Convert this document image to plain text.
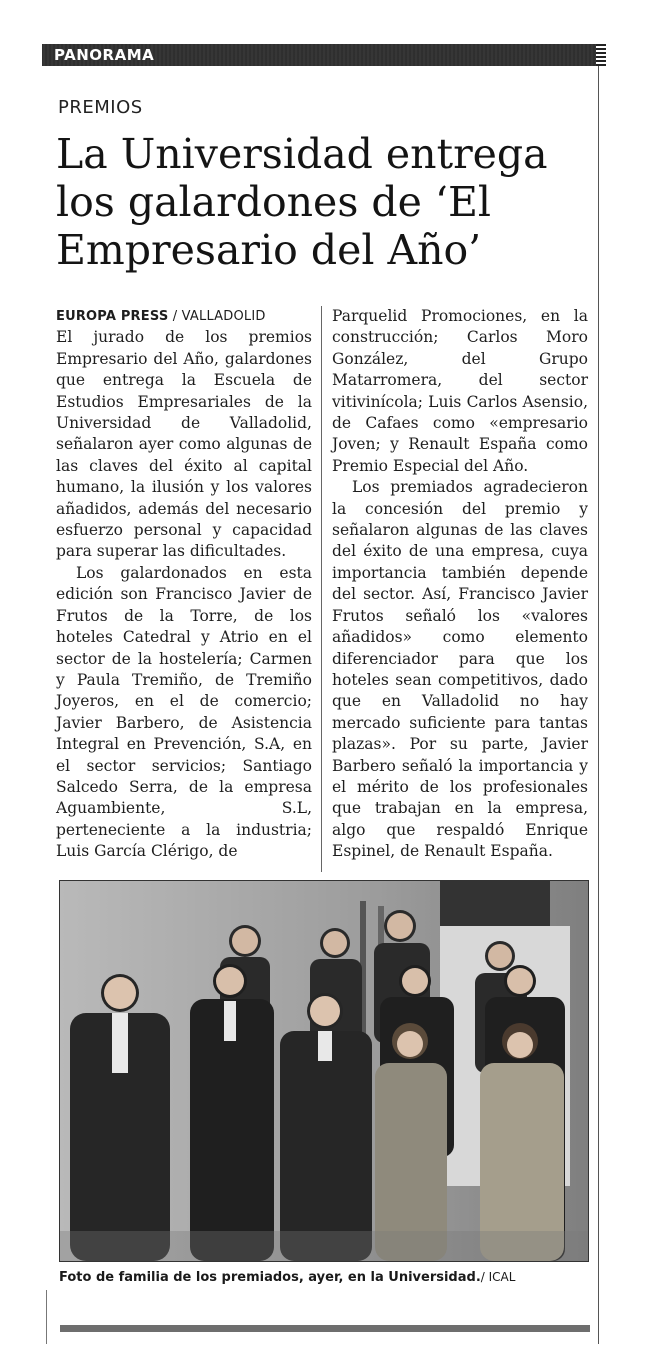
PANORAMA
PREMIOS
La Universidad entrega
los galardones de ‘El
Empresario del Año’
EUROPA PRESS / VALLADOLID

El jurado de los premios Empresario del Año, galardones que entrega la Escuela de Estudios Empresariales de la Universidad de Valladolid, señalaron ayer como algunas de las claves del éxito al capital humano, la ilusión y los valores añadidos, además del necesario esfuerzo personal y capacidad para superar las dificultades.

Los galardonados en esta edición son Francisco Javier de Frutos de la Torre, de los hoteles Catedral y Atrio en el sector de la hostelería; Carmen y Paula Tremiño, de Tremiño Joyeros, en el de comercio; Javier Barbero, de Asistencia Integral en Prevención, S.A, en el sector servicios; Santiago Salcedo Serra, de la empresa Aguambiente, S.L, perteneciente a la industria; Luis García Clérigo, de

Parquelid Promociones, en la construcción; Carlos Moro González, del Grupo Matarromera, del sector vitivinícola; Luis Carlos Asensio, de Cafaes como «empresario Joven; y Renault España como Premio Especial del Año.

Los premiados agradecieron la concesión del premio y señalaron algunas de las claves del éxito de una empresa, cuya importancia también depende del sector. Así, Francisco Javier Frutos señaló los «valores añadidos» como elemento diferenciador para que los hoteles sean competitivos, dado que en Valladolid no hay mercado suficiente para tantas plazas». Por su parte, Javier Barbero señaló la importancia y el mérito de los profesionales que trabajan en la empresa, algo que respaldó Enrique Espinel, de Renault España.

Foto de familia de los premiados, ayer, en la Universidad./ ICAL
